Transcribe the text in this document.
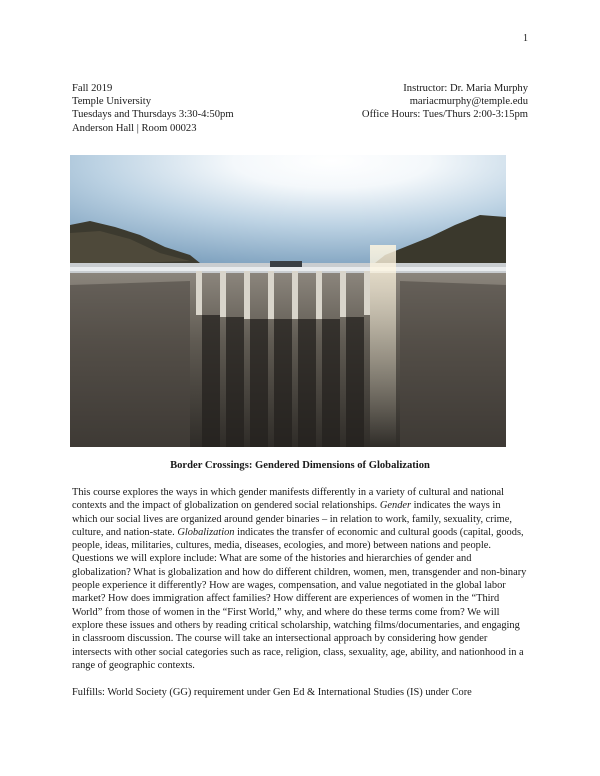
1
Fall 2019
Temple University
Tuesdays and Thursdays 3:30-4:50pm
Anderson Hall | Room 00023
Instructor: Dr. Maria Murphy
mariacmurphy@temple.edu
Office Hours: Tues/Thurs 2:00-3:15pm
Border Crossings: Gendered Dimensions of Globalization
This course explores the ways in which gender manifests differently in a variety of cultural and national contexts and the impact of globalization on gendered social relationships. Gender indicates the ways in which our social lives are organized around gender binaries – in relation to work, family, sexuality, crime, culture, and nation-state. Globalization indicates the transfer of economic and cultural goods (capital, goods, people, ideas, militaries, cultures, media, diseases, ecologies, and more) between nations and people. Questions we will explore include: What are some of the histories and hierarchies of gender and globalization? What is globalization and how do different children, women, men, transgender and non-binary people experience it differently? How are wages, compensation, and value negotiated in the global labor market? How does immigration affect families? How different are experiences of women in the “Third World” from those of women in the “First World,” why, and where do these terms come from? We will explore these issues and others by reading critical scholarship, watching films/documentaries, and engaging in classroom discussion. The course will take an intersectional approach by considering how gender intersects with other social categories such as race, religion, class, sexuality, age, ability, and nationhood in a range of geographic contexts.
Fulfills: World Society (GG) requirement under Gen Ed & International Studies (IS) under Core
